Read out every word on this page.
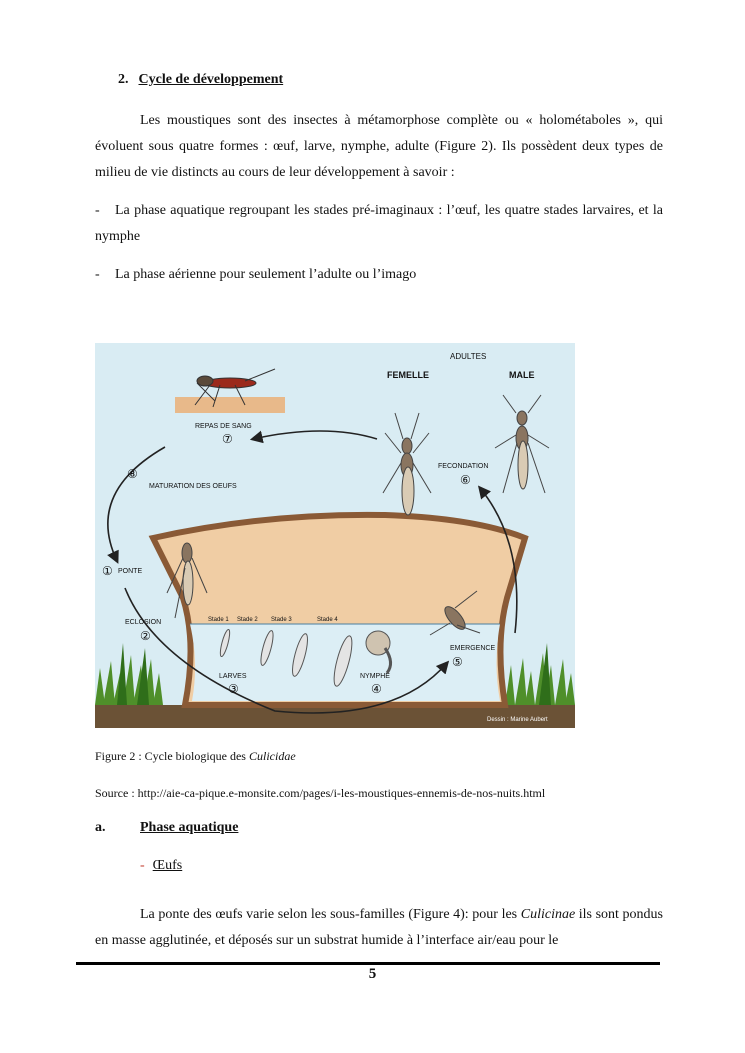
2. Cycle de développement
Les moustiques sont des insectes à métamorphose complète ou « holométaboles », qui évoluent sous quatre formes : œuf, larve, nymphe, adulte (Figure 2). Ils possèdent deux types de milieu de vie distincts au cours de leur développement à savoir :
- La phase aquatique regroupant les stades pré-imaginaux : l’œuf, les quatre stades larvaires, et la nymphe
- La phase aérienne pour seulement l’adulte ou l’imago
ADULTES
FEMELLE	MALE
REPAS DE SANG
⑦
⑧
MATURATION DES OEUFS
FECONDATION
⑥
① PONTE
ECLOSION
②
Stade 1 Stade 2 Stade 3	Stade 4
EMERGENCE
⑤
LARVES
③
NYMPHE
④
Dessin : Marine Aubert
Figure 2 : Cycle biologique des Culicidae
Source : http://aie-ca-pique.e-monsite.com/pages/i-les-moustiques-ennemis-de-nos-nuits.html
a. Phase aquatique
- Œufs
La ponte des œufs varie selon les sous-familles (Figure 4): pour les Culicinae ils sont pondus en masse agglutinée, et déposés sur un substrat humide à l’interface air/eau pour le
5
